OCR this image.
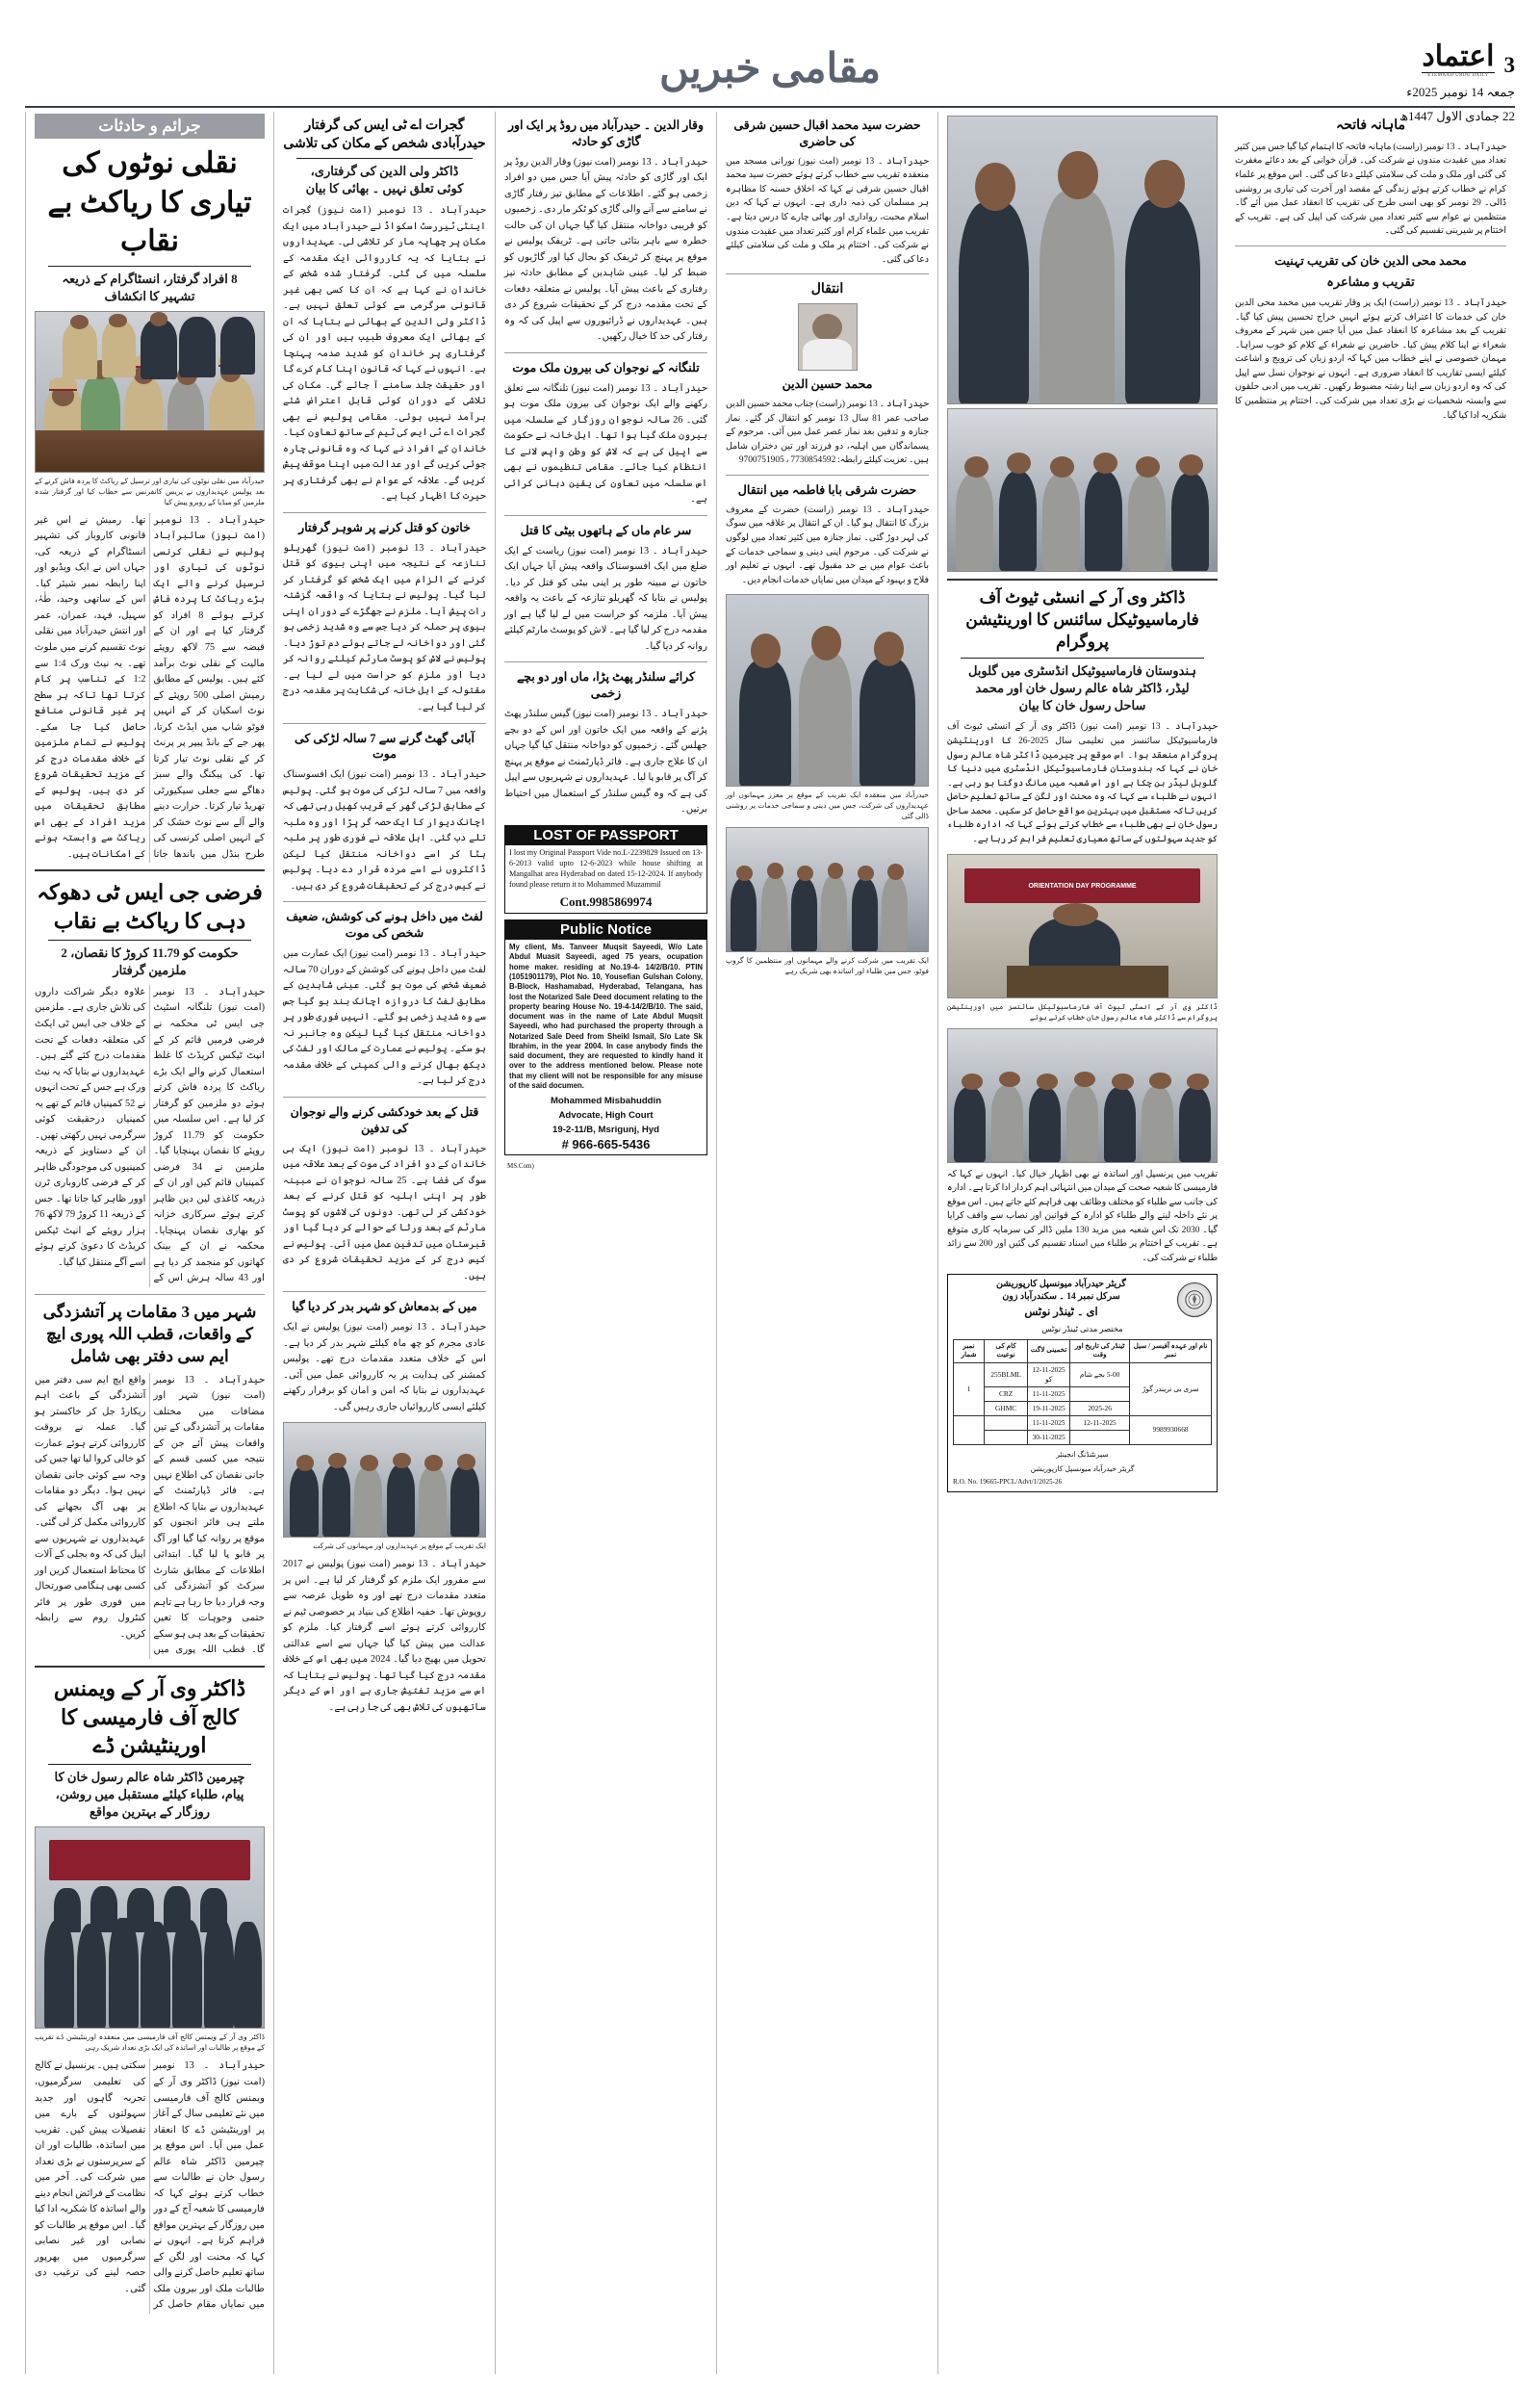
مقامی خبریں	3
اعتماد
ETEMAAD URDU DAILY
جمعہ 14 نومبر 2025ء
22 جمادی الاول 1447ھ
جرائم و حادثات
نقلی نوٹوں کی تیاری کا ریاکٹ بے نقاب
8 افراد گرفتار، انسٹاگرام کے ذریعہ تشہیر کا انکشاف
حیدرآباد میں نقلی نوٹوں کی تیاری اور ترسیل کے ریاکٹ کا پردہ فاش کرنے کے بعد پولیس عہدیداروں نے پریس کانفرنس سے خطاب کیا اور گرفتار شدہ ملزمین کو میڈیا کے روبرو پیش کیا
حیدرآباد ۔ 13 نومبر (امت نیوز) سائبرآباد پولیس نے نقلی کرنسی نوٹوں کی تیاری اور ترسیل کرنے والے ایک بڑے ریاکٹ کا پردہ فاش کرتے ہوئے 8 افراد کو گرفتار کیا ہے اور ان کے قبضہ سے 75 لاکھ روپئے مالیت کے نقلی نوٹ برآمد کئے ہیں۔ پولیس کے مطابق رمیش اصلی 500 روپئے کے نوٹ اسکیان کر کے انہیں فوٹو شاپ میں ایڈٹ کرتا، پھر جے کے بانڈ پیپر پر پرنٹ کر کے نقلی نوٹ تیار کرتا تھا۔ کی پیکنگ والے سبز دھاگے سے جعلی سیکیورٹی تھریڈ تیار کرتا۔ حرارت دینے والے آلے سے نوٹ خشک کر کے انہیں اصلی کرنسی کی طرح بنڈل میں باندھا جاتا تھا۔ رمیش نے اس غیر قانونی کاروبار کی تشہیر انسٹاگرام کے ذریعہ کی، جہاں اس نے ایک ویڈیو اور اپنا رابطہ نمبر شیئر کیا۔ اس کے ساتھی وحید، طٰہٰ، سہیل، فہد، عمران، عمر اور انتش حیدرآباد میں نقلی نوٹ تقسیم کرنے میں ملوث تھے۔ یہ نیٹ ورک 1:4 سے 1:2 کے تناسب پر کام کرتا تھا تاکہ ہر سطح پر غیر قانونی منافع حاصل کیا جا سکے۔ پولیس نے تمام ملزمین کے خلاف مقدمات درج کر کے مزید تحقیقات شروع کر دی ہیں۔ پولیس کے مطابق تحقیقات میں مزید افراد کے بھی اس ریاکٹ سے وابستہ ہونے کے امکانات ہیں۔
فرضی جی ایس ٹی دھوکہ دہی کا ریاکٹ بے نقاب
حکومت کو 11.79 کروڑ کا نقصان، 2 ملزمین گرفتار
حیدرآباد ۔ 13 نومبر (امت نیوز) تلنگانہ اسٹیٹ جی ایس ٹی محکمہ نے فرضی فرمیں قائم کر کے انپٹ ٹیکس کریڈٹ کا غلط استعمال کرنے والے ایک بڑے ریاکٹ کا پردہ فاش کرتے ہوئے دو ملزمین کو گرفتار کر لیا ہے۔ اس سلسلہ میں حکومت کو 11.79 کروڑ روپئے کا نقصان پہنچایا گیا۔ ملزمین نے 34 فرضی کمپنیاں قائم کیں اور ان کے ذریعہ کاغذی لین دین ظاہر کرتے ہوئے سرکاری خزانہ کو بھاری نقصان پہنچایا۔ محکمہ نے ان کے بینک کھاتوں کو منجمد کر دیا ہے اور 43 سالہ ہرش اس کے علاوہ دیگر شراکت داروں کی تلاش جاری ہے۔ ملزمین کے خلاف جی ایس ٹی ایکٹ کی متعلقہ دفعات کے تحت مقدمات درج کئے گئے ہیں۔ عہدیداروں نے بتایا کہ یہ نیٹ ورک ہے جس کے تحت انہوں نے 52 کمپنیاں قائم کے تھے یہ کمپنیاں درحقیقت کوئی سرگرمی نہیں رکھتی تھیں۔ ان کے دستاویز کے ذریعہ کمپنیوں کی موجودگی ظاہر کر کے فرضی کاروباری ٹرن اوور ظاہر کیا جاتا تھا۔ جس کے ذریعہ 11 کروڑ 79 لاکھ 76 ہزار روپئے کے انپٹ ٹیکس کریڈٹ کا دعویٰ کرتے ہوئے اسے آگے منتقل کیا گیا۔
شہر میں 3 مقامات پر آتشزدگی کے واقعات، قطب اللہ پوری ایچ ایم سی دفتر بھی شامل
حیدرآباد ۔ 13 نومبر (امت نیوز) شہر اور مضافات میں مختلف مقامات پر آتشزدگی کے تین واقعات پیش آئے جن کے نتیجہ میں کسی قسم کے جانی نقصان کی اطلاع نہیں ہے۔ فائر ڈپارٹمنٹ کے عہدیداروں نے بتایا کہ اطلاع ملتے ہی فائر انجنوں کو موقع پر روانہ کیا گیا اور آگ پر قابو پا لیا گیا۔ ابتدائی اطلاعات کے مطابق شارٹ سرکٹ کو آتشزدگی کی وجہ قرار دیا جا رہا ہے تاہم حتمی وجوہات کا تعین تحقیقات کے بعد ہی ہو سکے گا۔ قطب اللہ پوری میں واقع ایچ ایم سی دفتر میں آتشزدگی کے باعث اہم ریکارڈ جل کر خاکستر ہو گیا۔ عملہ نے بروقت کارروائی کرتے ہوئے عمارت کو خالی کروا لیا تھا جس کی وجہ سے کوئی جانی نقصان نہیں ہوا۔ دیگر دو مقامات پر بھی آگ بجھانے کی کارروائی مکمل کر لی گئی۔ عہدیداروں نے شہریوں سے اپیل کی کہ وہ بجلی کے آلات کا محتاط استعمال کریں اور کسی بھی ہنگامی صورتحال میں فوری طور پر فائر کنٹرول روم سے رابطہ کریں۔
ڈاکٹر وی آر کے ویمنس کالج آف فارمیسی کا اورینٹیشن ڈے
چیرمین ڈاکٹر شاہ عالم رسول خان کا پیام، طلباء کیلئے مستقبل میں روشن، روزگار کے بہترین مواقع
ڈاکٹر وی آر کے ویمنس کالج آف فارمیسی میں منعقدہ اورینٹیشن ڈے تقریب کے موقع پر طالبات اور اساتذہ کی ایک بڑی تعداد شریک رہی
حیدرآباد ۔ 13 نومبر (امت نیوز) ڈاکٹر وی آر کے ویمنس کالج آف فارمیسی میں نئے تعلیمی سال کے آغاز پر اورینٹیشن ڈے کا انعقاد عمل میں آیا۔ اس موقع پر چیرمین ڈاکٹر شاہ عالم رسول خان نے طالبات سے خطاب کرتے ہوئے کہا کہ فارمیسی کا شعبہ آج کے دور میں روزگار کے بہترین مواقع فراہم کرتا ہے۔ انہوں نے کہا کہ محنت اور لگن کے ساتھ تعلیم حاصل کرنے والی طالبات ملک اور بیرون ملک میں نمایاں مقام حاصل کر سکتی ہیں۔ پرنسپل نے کالج کی تعلیمی سرگرمیوں، تجربہ گاہوں اور جدید سہولتوں کے بارے میں تفصیلات پیش کیں۔ تقریب میں اساتذہ، طالبات اور ان کے سرپرستوں نے بڑی تعداد میں شرکت کی۔ آخر میں نظامت کے فرائض انجام دینے والے اساتذہ کا شکریہ ادا کیا گیا۔ اس موقع پر طالبات کو نصابی اور غیر نصابی سرگرمیوں میں بھرپور حصہ لینے کی ترغیب دی گئی۔
گجرات اے ٹی ایس کی گرفتار حیدرآبادی شخص کے مکان کی تلاشی
ڈاکٹر ولی الدین کی گرفتاری، کوئی تعلق نہیں ۔ بھائی کا بیان
حیدرآباد ۔ 13 نومبر (امت نیوز) گجرات اینٹی ٹیررسٹ اسکواڈ نے حیدرآباد میں ایک مکان پر چھاپہ مار کر تلاشی لی۔ عہدیداروں نے بتایا کہ یہ کارروائی ایک مقدمہ کے سلسلہ میں کی گئی۔ گرفتار شدہ شخص کے خاندان نے کہا ہے کہ ان کا کسی بھی غیر قانونی سرگرمی سے کوئی تعلق نہیں ہے۔ ڈاکٹر ولی الدین کے بھائی نے بتایا کہ ان کے بھائی ایک معروف طبیب ہیں اور ان کی گرفتاری پر خاندان کو شدید صدمہ پہنچا ہے۔ انہوں نے کہا کہ قانون اپنا کام کرے گا اور حقیقت جلد سامنے آ جائے گی۔ مکان کی تلاشی کے دوران کوئی قابل اعتراض شئے برآمد نہیں ہوئی۔ مقامی پولیس نے بھی گجرات اے ٹی ایس کی ٹیم کے ساتھ تعاون کیا۔ خاندان کے افراد نے کہا کہ وہ قانونی چارہ جوئی کریں گے اور عدالت میں اپنا موقف پیش کریں گے۔ علاقہ کے عوام نے بھی گرفتاری پر حیرت کا اظہار کیا ہے۔
خاتون کو قتل کرنے پر شوہر گرفتار
حیدرآباد ۔ 13 نومبر (امت نیوز) گھریلو تنازعہ کے نتیجہ میں اپنی بیوی کو قتل کرنے کے الزام میں ایک شخص کو گرفتار کر لیا گیا۔ پولیس نے بتایا کہ واقعہ گزشتہ رات پیش آیا۔ ملزم نے جھگڑے کے دوران اپنی بیوی پر حملہ کر دیا جس سے وہ شدید زخمی ہو گئی اور دواخانہ لے جاتے ہوئے دم توڑ دیا۔ پولیس نے لاش کو پوسٹ مارٹم کیلئے روانہ کر دیا اور ملزم کو حراست میں لے لیا ہے۔ مقتولہ کے اہل خانہ کی شکایت پر مقدمہ درج کر لیا گیا ہے۔
آبائی گھٹ گرنے سے 7 سالہ لڑکی کی موت
حیدرآباد ۔ 13 نومبر (امت نیوز) ایک افسوسناک واقعہ میں 7 سالہ لڑکی کی موت ہو گئی۔ پولیس کے مطابق لڑکی گھر کے قریب کھیل رہی تھی کہ اچانک دیوار کا ایک حصہ گر پڑا اور وہ ملبہ تلے دب گئی۔ اہل علاقہ نے فوری طور پر ملبہ ہٹا کر اسے دواخانہ منتقل کیا لیکن ڈاکٹروں نے اسے مردہ قرار دے دیا۔ پولیس نے کیس درج کر کے تحقیقات شروع کر دی ہیں۔
لفٹ میں داخل ہونے کی کوشش، ضعیف شخص کی موت
حیدرآباد ۔ 13 نومبر (امت نیوز) ایک عمارت میں لفٹ میں داخل ہونے کی کوشش کے دوران 70 سالہ ضعیف شخص کی موت ہو گئی۔ عینی شاہدین کے مطابق لفٹ کا دروازہ اچانک بند ہو گیا جس سے وہ شدید زخمی ہو گئے۔ انہیں فوری طور پر دواخانہ منتقل کیا گیا لیکن وہ جانبر نہ ہو سکے۔ پولیس نے عمارت کے مالک اور لفٹ کی دیکھ بھال کرنے والی کمپنی کے خلاف مقدمہ درج کر لیا ہے۔
قتل کے بعد خودکشی کرنے والے نوجوان کی تدفین
حیدرآباد ۔ 13 نومبر (امت نیوز) ایک ہی خاندان کے دو افراد کی موت کے بعد علاقہ میں سوگ کی فضا ہے۔ 25 سالہ نوجوان نے مبینہ طور پر اپنی اہلیہ کو قتل کرنے کے بعد خودکشی کر لی تھی۔ دونوں کی لاشوں کو پوسٹ مارٹم کے بعد ورثا کے حوالے کر دیا گیا اور قبرستان میں تدفین عمل میں آئی۔ پولیس نے کیس درج کر کے مزید تحقیقات شروع کر دی ہیں۔
میں کے بدمعاش کو شہر بدر کر دیا گیا
حیدرآباد ۔ 13 نومبر (امت نیوز) پولیس نے ایک عادی مجرم کو چھ ماہ کیلئے شہر بدر کر دیا ہے۔ اس کے خلاف متعدد مقدمات درج تھے۔ پولیس کمشنر کی ہدایت پر یہ کارروائی عمل میں آئی۔ عہدیداروں نے بتایا کہ امن و امان کو برقرار رکھنے کیلئے ایسی کارروائیاں جاری رہیں گی۔
ایک تقریب کے موقع پر عہدیداروں اور مہمانوں کی شرکت
حیدرآباد ۔ 13 نومبر (امت نیوز) پولیس نے 2017 سے مفرور ایک ملزم کو گرفتار کر لیا ہے۔ اس پر متعدد مقدمات درج تھے اور وہ طویل عرصہ سے روپوش تھا۔ خفیہ اطلاع کی بنیاد پر خصوصی ٹیم نے کارروائی کرتے ہوئے اسے گرفتار کیا۔ ملزم کو عدالت میں پیش کیا گیا جہاں سے اسے عدالتی تحویل میں بھیج دیا گیا۔ 2024 میں بھی اس کے خلاف مقدمہ درج کیا گیا تھا۔ پولیس نے بتایا کہ اس سے مزید تفتیش جاری ہے اور اس کے دیگر ساتھیوں کی تلاش بھی کی جا رہی ہے۔
وقار الدین ۔ حیدرآباد میں روڈ پر ایک اور گاڑی کو حادثہ
حیدرآباد ۔ 13 نومبر (امت نیوز) وقار الدین روڈ پر ایک اور گاڑی کو حادثہ پیش آیا جس میں دو افراد زخمی ہو گئے۔ اطلاعات کے مطابق تیز رفتار گاڑی نے سامنے سے آنے والی گاڑی کو ٹکر مار دی۔ زخمیوں کو قریبی دواخانہ منتقل کیا گیا جہاں ان کی حالت خطرہ سے باہر بتائی جاتی ہے۔ ٹریفک پولیس نے موقع پر پہنچ کر ٹریفک کو بحال کیا اور گاڑیوں کو ضبط کر لیا۔ عینی شاہدین کے مطابق حادثہ تیز رفتاری کے باعث پیش آیا۔ پولیس نے متعلقہ دفعات کے تحت مقدمہ درج کر کے تحقیقات شروع کر دی ہیں۔ عہدیداروں نے ڈرائیوروں سے اپیل کی کہ وہ رفتار کی حد کا خیال رکھیں۔
تلنگانہ کے نوجوان کی بیرون ملک موت
حیدرآباد ۔ 13 نومبر (امت نیوز) تلنگانہ سے تعلق رکھنے والے ایک نوجوان کی بیرون ملک موت ہو گئی۔ 26 سالہ نوجوان روزگار کے سلسلہ میں بیرون ملک گیا ہوا تھا۔ اہل خانہ نے حکومت سے اپیل کی ہے کہ لاش کو وطن واپس لانے کا انتظام کیا جائے۔ مقامی تنظیموں نے بھی اس سلسلہ میں تعاون کی یقین دہانی کرائی ہے۔
سر عام ماں کے ہاتھوں بیٹی کا قتل
حیدرآباد ۔ 13 نومبر (امت نیوز) ریاست کے ایک ضلع میں ایک افسوسناک واقعہ پیش آیا جہاں ایک خاتون نے مبینہ طور پر اپنی بیٹی کو قتل کر دیا۔ پولیس نے بتایا کہ گھریلو تنازعہ کے باعث یہ واقعہ پیش آیا۔ ملزمہ کو حراست میں لے لیا گیا ہے اور مقدمہ درج کر لیا گیا ہے۔ لاش کو پوسٹ مارٹم کیلئے روانہ کر دیا گیا۔
کرائے سلنڈر پھٹ پڑا، ماں اور دو بچے زخمی
حیدرآباد ۔ 13 نومبر (امت نیوز) گیس سلنڈر پھٹ پڑنے کے واقعہ میں ایک خاتون اور اس کے دو بچے جھلس گئے۔ زخمیوں کو دواخانہ منتقل کیا گیا جہاں ان کا علاج جاری ہے۔ فائر ڈپارٹمنٹ نے موقع پر پہنچ کر آگ پر قابو پا لیا۔ عہدیداروں نے شہریوں سے اپیل کی ہے کہ وہ گیس سلنڈر کے استعمال میں احتیاط برتیں۔
LOST OF PASSPORT
I lost my Original Passport Vide no.L-2239829 Issued on 13-6-2013 valid upto 12-6-2023 while house shifting at Mangalhat area Hyderabad on dated 15-12-2024. If anybody found please return it to Mohammed Muzammil
Cont.9985869974
Public Notice
My client, Ms. Tanveer Muqsit Sayeedi, W/o Late Abdul Muasit Sayeedi, aged 75 years, ocupation home maker. residing at No.19-4- 14/2/B/10. PTIN (1051901179), Plot No. 10, Yousefian Gulshan Colony, B-Block, Hashamabad, Hyderabad, Telangana, has lost the Notarized Sale Deed document relating to the property bearing House No. 19-4-14/2/B/10. The said, document was in the name of Late Abdul Muqsit Sayeedi, who had purchased the property through a Notarized Sale Deed from Sheikl Ismail, S/o Late Sk Ibrahim, in the year 2004. In case anybody finds the said document, they are requested to kindly hand it over to the address mentioned below. Please note that my client will not be responsible for any misuse of the said documen.
Mohammed Misbahuddin
Advocate, High Court
19-2-11/B, Msrigunj, Hyd
# 966-665-5436
MS.Com)
حضرت سید محمد اقبال حسین شرقی کی حاضری
حیدرآباد ۔ 13 نومبر (امت نیوز) نورانی مسجد میں منعقدہ تقریب سے خطاب کرتے ہوئے حضرت سید محمد اقبال حسین شرقی نے کہا کہ اخلاق حسنہ کا مظاہرہ ہر مسلمان کی ذمہ داری ہے۔ انہوں نے کہا کہ دین اسلام محبت، رواداری اور بھائی چارے کا درس دیتا ہے۔ تقریب میں علماء کرام اور کثیر تعداد میں عقیدت مندوں نے شرکت کی۔ اختتام پر ملک و ملت کی سلامتی کیلئے دعا کی گئی۔
انتقال
محمد حسین الدین
حیدرآباد ۔ 13 نومبر (راست) جناب محمد حسین الدین صاحب عمر 81 سال 13 نومبر کو انتقال کر گئے۔ نماز جنازہ و تدفین بعد نماز عصر عمل میں آئی۔ مرحوم کے پسماندگان میں اہلیہ، دو فرزند اور تین دختران شامل ہیں۔ تعزیت کیلئے رابطہ: 7730854592 ، 9700751905
حضرت شرقی بابا فاطمہ میں انتقال
حیدرآباد ۔ 13 نومبر (راست) حضرت کے معروف بزرگ کا انتقال ہو گیا۔ ان کے انتقال پر علاقہ میں سوگ کی لہر دوڑ گئی۔ نماز جنازہ میں کثیر تعداد میں لوگوں نے شرکت کی۔ مرحوم اپنی دینی و سماجی خدمات کے باعث عوام میں بے حد مقبول تھے۔ انہوں نے تعلیم اور فلاح و بہبود کے میدان میں نمایاں خدمات انجام دیں۔
حیدرآباد میں منعقدہ ایک تقریب کے موقع پر معزز مہمانوں اور عہدیداروں کی شرکت، جس میں دینی و سماجی خدمات پر روشنی ڈالی گئی
ایک تقریب میں شرکت کرنے والے مہمانوں اور منتظمین کا گروپ فوٹو، جس میں طلباء اور اساتذہ بھی شریک رہے
ڈاکٹر وی آر کے انسٹی ٹیوٹ آف فارماسیوٹیکل سائنس کا اورینٹیشن پروگرام
ہندوستان فارماسیوٹیکل انڈسٹری میں گلوبل لیڈر، ڈاکٹر شاہ عالم رسول خان اور محمد ساحل رسول خان کا بیان
حیدرآباد ۔ 13 نومبر (امت نیوز) ڈاکٹر وی آر کے انسٹی ٹیوٹ آف فارماسیوٹیکل سائنسز میں تعلیمی سال 2025-26 کا اورینٹیشن پروگرام منعقد ہوا۔ اس موقع پر چیرمین ڈاکٹر شاہ عالم رسول خان نے کہا کہ ہندوستان فارماسیوٹیکل انڈسٹری میں دنیا کا گلوبل لیڈر بن چکا ہے اور اس شعبہ میں مانگ دوگنا ہو رہی ہے۔ انہوں نے طلباء سے کہا کہ وہ محنت اور لگن کے ساتھ تعلیم حاصل کریں تاکہ مستقبل میں بہترین مواقع حاصل کر سکیں۔ محمد ساحل رسول خان نے بھی طلباء سے خطاب کرتے ہوئے کہا کہ ادارہ طلباء کو جدید سہولتوں کے ساتھ معیاری تعلیم فراہم کر رہا ہے۔
ORIENTATION DAY PROGRAMME
ڈاکٹر وی آر کے انسٹی ٹیوٹ آف فارماسیوٹیکل سائنسز میں اورینٹیشن پروگرام سے ڈاکٹر شاہ عالم رسول خان خطاب کرتے ہوئے
تقریب میں پرنسپل اور اساتذہ نے بھی اظہار خیال کیا۔ انہوں نے کہا کہ فارمیسی کا شعبہ صحت کے میدان میں انتہائی اہم کردار ادا کرتا ہے۔ ادارہ کی جانب سے طلباء کو مختلف وظائف بھی فراہم کئے جاتے ہیں۔ اس موقع پر نئے داخلہ لینے والے طلباء کو ادارہ کے قوانین اور نصاب سے واقف کرایا گیا۔ 2030 تک اس شعبہ میں مزید 130 ملین ڈالر کی سرمایہ کاری متوقع ہے۔ تقریب کے اختتام پر طلباء میں اسناد تقسیم کی گئیں اور 200 سے زائد طلباء نے شرکت کی۔
گریٹر حیدرآباد میونسپل کارپوریشن
سرکل نمبر 14 ۔ سکندرآباد زون
ای ۔ ٹینڈر نوٹس
مختصر مدتی ٹینڈر نوٹس
نام اور عہدہ آفیسر / سیل نمبر	ٹینڈر کی تاریخ اور وقت	تخمینی لاگت	کام کی نوعیت	نمبر شمار
سری بی نریندر گوڑ	5-00 بجے شام	12-11-2025 کو	255BLML	1
		11-11-2025	CRZ	
	2025-26	19-11-2025	GHMC	
9989930668	12-11-2025	11-11-2025		
		30-11-2025		
سپرنٹنڈنگ انجینئر
گریٹر حیدرآباد میونسپل کارپوریشن
R.O. No. 19665-PPCL/Advt/1/2025-26
ماہانہ فاتحہ
حیدرآباد ۔ 13 نومبر (راست) ماہانہ فاتحہ کا اہتمام کیا گیا جس میں کثیر تعداد میں عقیدت مندوں نے شرکت کی۔ قرآن خوانی کے بعد دعائے مغفرت کی گئی اور ملک و ملت کی سلامتی کیلئے دعا کی گئی۔ اس موقع پر علماء کرام نے خطاب کرتے ہوئے زندگی کے مقصد اور آخرت کی تیاری پر روشنی ڈالی۔ 29 نومبر کو بھی اسی طرح کی تقریب کا انعقاد عمل میں آئے گا۔ منتظمین نے عوام سے کثیر تعداد میں شرکت کی اپیل کی ہے۔ تقریب کے اختتام پر شیرینی تقسیم کی گئی۔
محمد محی الدین خان کی تقریب تہنیت
تقریب و مشاعرہ
حیدرآباد ۔ 13 نومبر (راست) ایک پر وقار تقریب میں محمد محی الدین خان کی خدمات کا اعتراف کرتے ہوئے انہیں خراج تحسین پیش کیا گیا۔ تقریب کے بعد مشاعرہ کا انعقاد عمل میں آیا جس میں شہر کے معروف شعراء نے اپنا کلام پیش کیا۔ حاضرین نے شعراء کے کلام کو خوب سراہا۔ مہمان خصوصی نے اپنے خطاب میں کہا کہ اردو زبان کی ترویج و اشاعت کیلئے ایسی تقاریب کا انعقاد ضروری ہے۔ انہوں نے نوجوان نسل سے اپیل کی کہ وہ اردو زبان سے اپنا رشتہ مضبوط رکھیں۔ تقریب میں ادبی حلقوں سے وابستہ شخصیات نے بڑی تعداد میں شرکت کی۔ اختتام پر منتظمین کا شکریہ ادا کیا گیا۔
